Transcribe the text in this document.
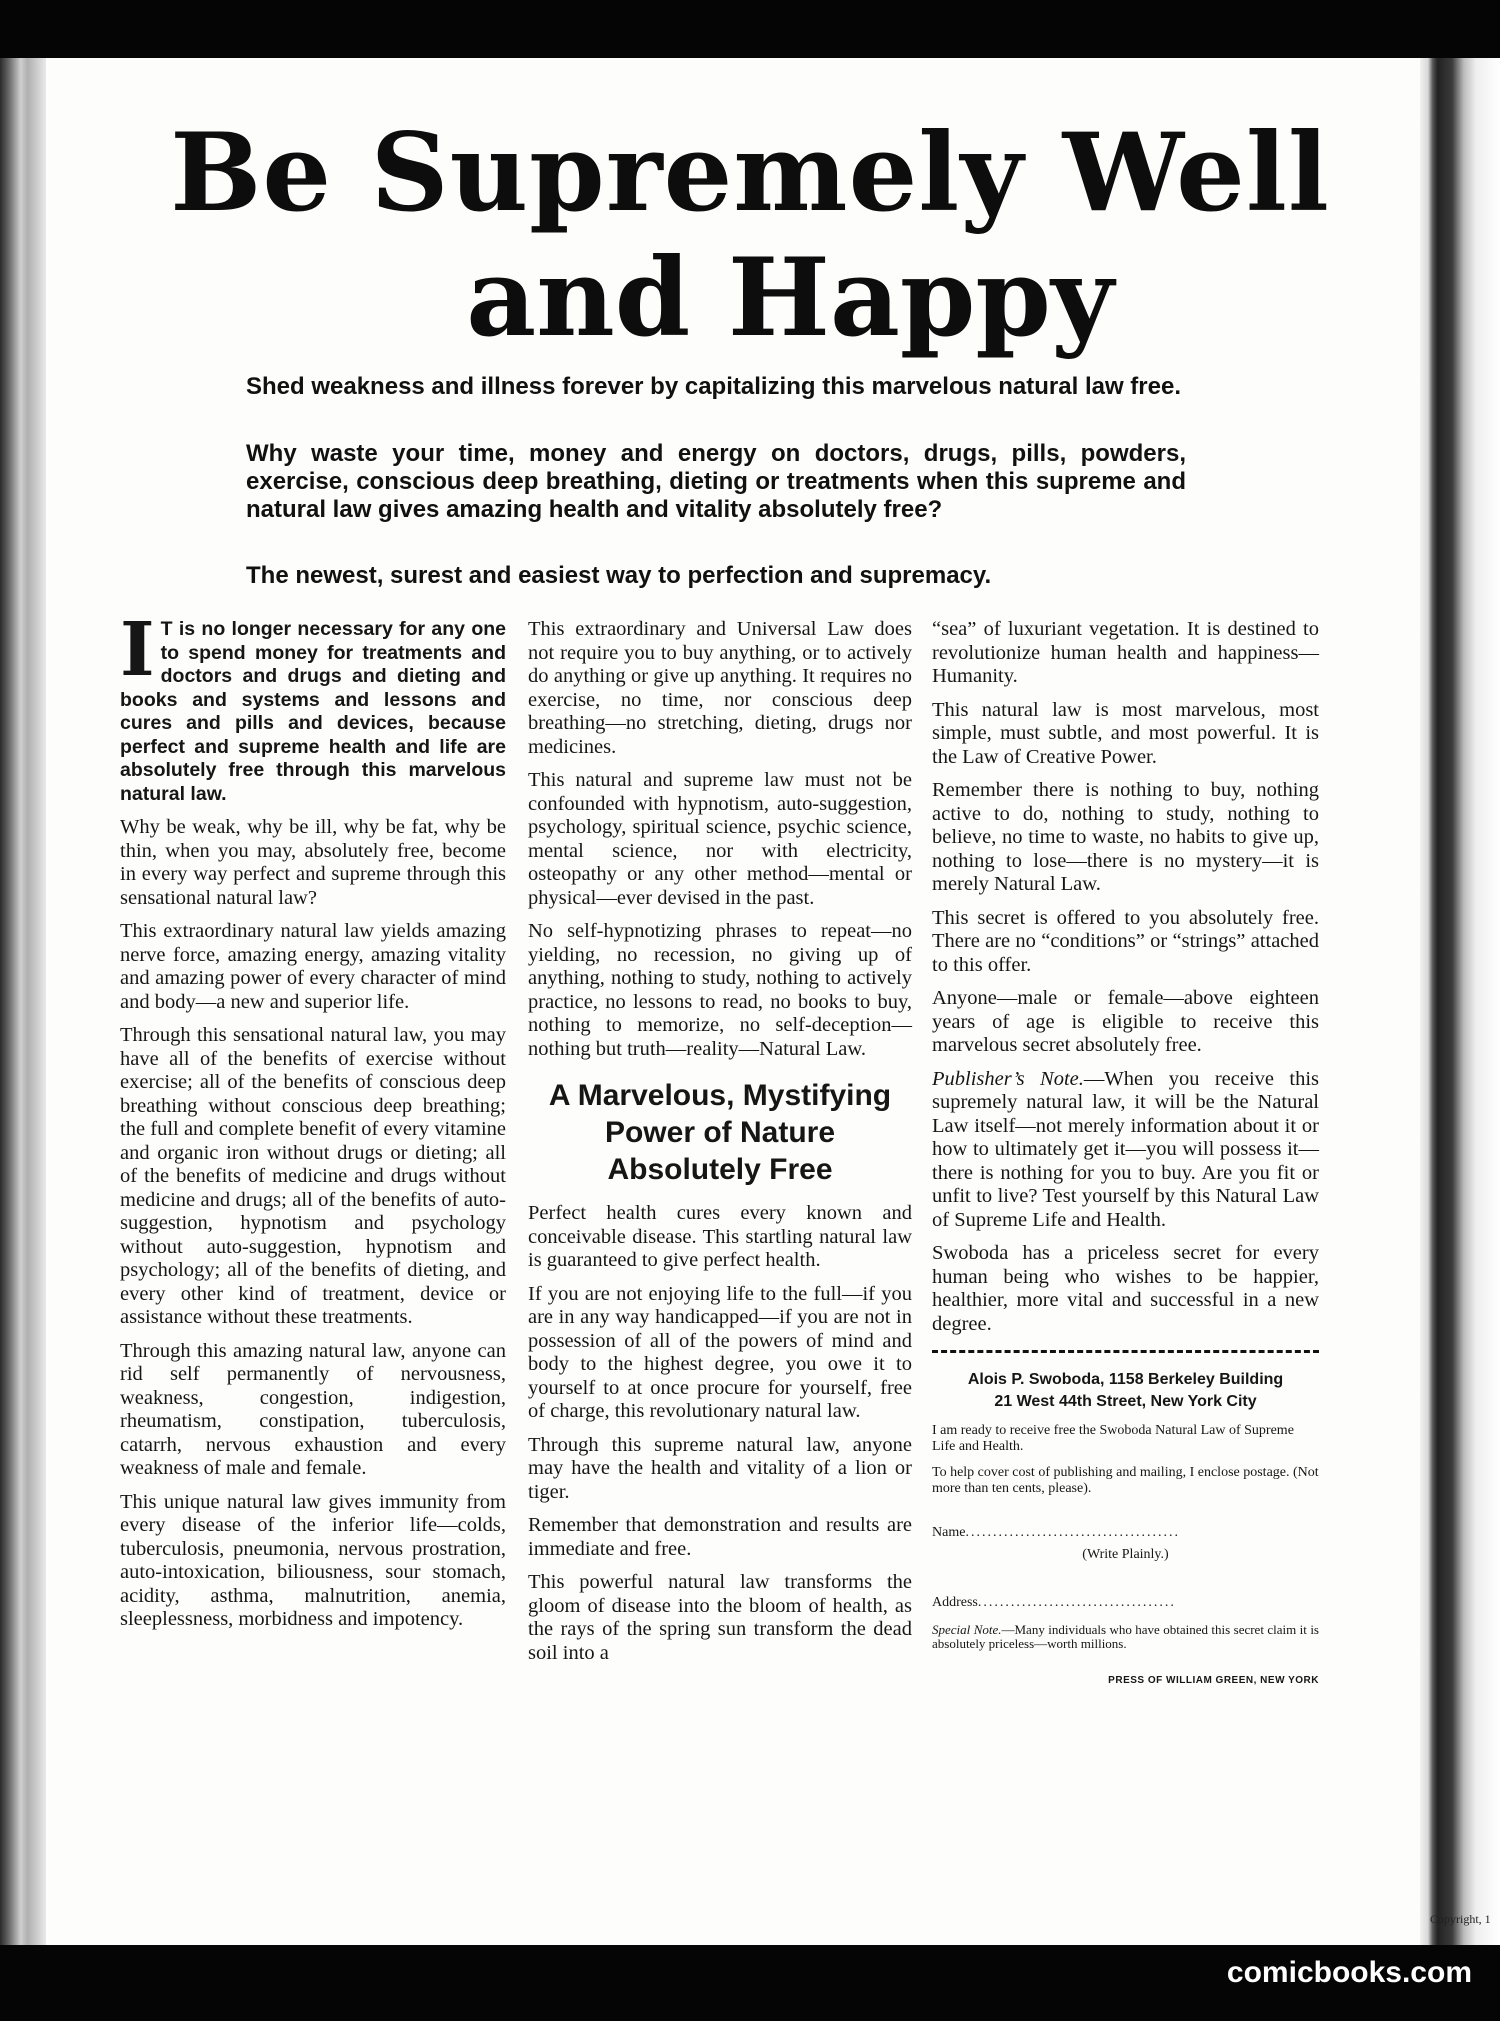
Be Supremely Well
and Happy
Shed weakness and illness forever by capitalizing this marvelous natural law free.
Why waste your time, money and energy on doctors, drugs, pills, powders, exercise, conscious deep breathing, dieting or treatments when this supreme and natural law gives amazing health and vitality absolutely free?
The newest, surest and easiest way to perfection and supremacy.

I T is no longer necessary for any one to spend money for treatments and doctors and drugs and dieting and books and systems and lessons and cures and pills and devices, because perfect and supreme health and life are absolutely free through this marvelous natural law.

Why be weak, why be ill, why be fat, why be thin, when you may, absolutely free, become in every way perfect and supreme through this sensational natural law?

This extraordinary natural law yields amazing nerve force, amazing energy, amazing vitality and amazing power of every character of mind and body—a new and superior life.

Through this sensational natural law, you may have all of the benefits of exercise without exercise; all of the benefits of conscious deep breathing without conscious deep breathing; the full and complete benefit of every vitamine and organic iron without drugs or dieting; all of the benefits of medicine and drugs without medicine and drugs; all of the benefits of auto-suggestion, hypnotism and psychology without auto-suggestion, hypnotism and psychology; all of the benefits of dieting, and every other kind of treatment, device or assistance without these treatments.

Through this amazing natural law, anyone can rid self permanently of nervousness, weakness, congestion, indigestion, rheumatism, constipation, tuberculosis, catarrh, nervous exhaustion and every weakness of male and female.

This unique natural law gives immunity from every disease of the inferior life—colds, tuberculosis, pneumonia, nervous prostration, auto-intoxication, biliousness, sour stomach, acidity, asthma, malnutrition, anemia, sleeplessness, morbidness and impotency.

This extraordinary and Universal Law does not require you to buy anything, or to actively do anything or give up anything. It requires no exercise, no time, nor conscious deep breathing—no stretching, dieting, drugs nor medicines.

This natural and supreme law must not be confounded with hypnotism, auto-suggestion, psychology, spiritual science, psychic science, mental science, nor with electricity, osteopathy or any other method—mental or physical—ever devised in the past.

No self-hypnotizing phrases to repeat—no yielding, no recession, no giving up of anything, nothing to study, nothing to actively practice, no lessons to read, no books to buy, nothing to memorize, no self-deception—nothing but truth—reality—Natural Law.

A Marvelous, Mystifying Power of Nature Absolutely Free

Perfect health cures every known and conceivable disease. This startling natural law is guaranteed to give perfect health.

If you are not enjoying life to the full—if you are in any way handicapped—if you are not in possession of all of the powers of mind and body to the highest degree, you owe it to yourself to at once procure for yourself, free of charge, this revolutionary natural law.

Through this supreme natural law, anyone may have the health and vitality of a lion or tiger.

Remember that demonstration and results are immediate and free.

This powerful natural law transforms the gloom of disease into the bloom of health, as the rays of the spring sun transform the dead soil into a

“sea” of luxuriant vegetation. It is destined to revolutionize human health and happiness—Humanity.

This natural law is most marvelous, most simple, must subtle, and most powerful. It is the Law of Creative Power.

Remember there is nothing to buy, nothing active to do, nothing to study, nothing to believe, no time to waste, no habits to give up, nothing to lose—there is no mystery—it is merely Natural Law.

This secret is offered to you absolutely free. There are no “conditions” or “strings” attached to this offer.

Anyone—male or female—above eighteen years of age is eligible to receive this marvelous secret absolutely free.

Publisher’s Note.—When you receive this supremely natural law, it will be the Natural Law itself—not merely information about it or how to ultimately get it—you will possess it—there is nothing for you to buy. Are you fit or unfit to live? Test yourself by this Natural Law of Supreme Life and Health.

Swoboda has a priceless secret for every human being who wishes to be happier, healthier, more vital and successful in a new degree.

Alois P. Swoboda, 1158 Berkeley Building
21 West 44th Street, New York City
I am ready to receive free the Swoboda Natural Law of Supreme Life and Health.
To help cover cost of publishing and mailing, I enclose postage. (Not more than ten cents, please).
Name.......................................
(Write Plainly.)
Address....................................
Special Note.—Many individuals who have obtained this secret claim it is absolutely priceless—worth millions.
PRESS OF WILLIAM GREEN, NEW YORK
Copyright, 1
comicbooks.com
